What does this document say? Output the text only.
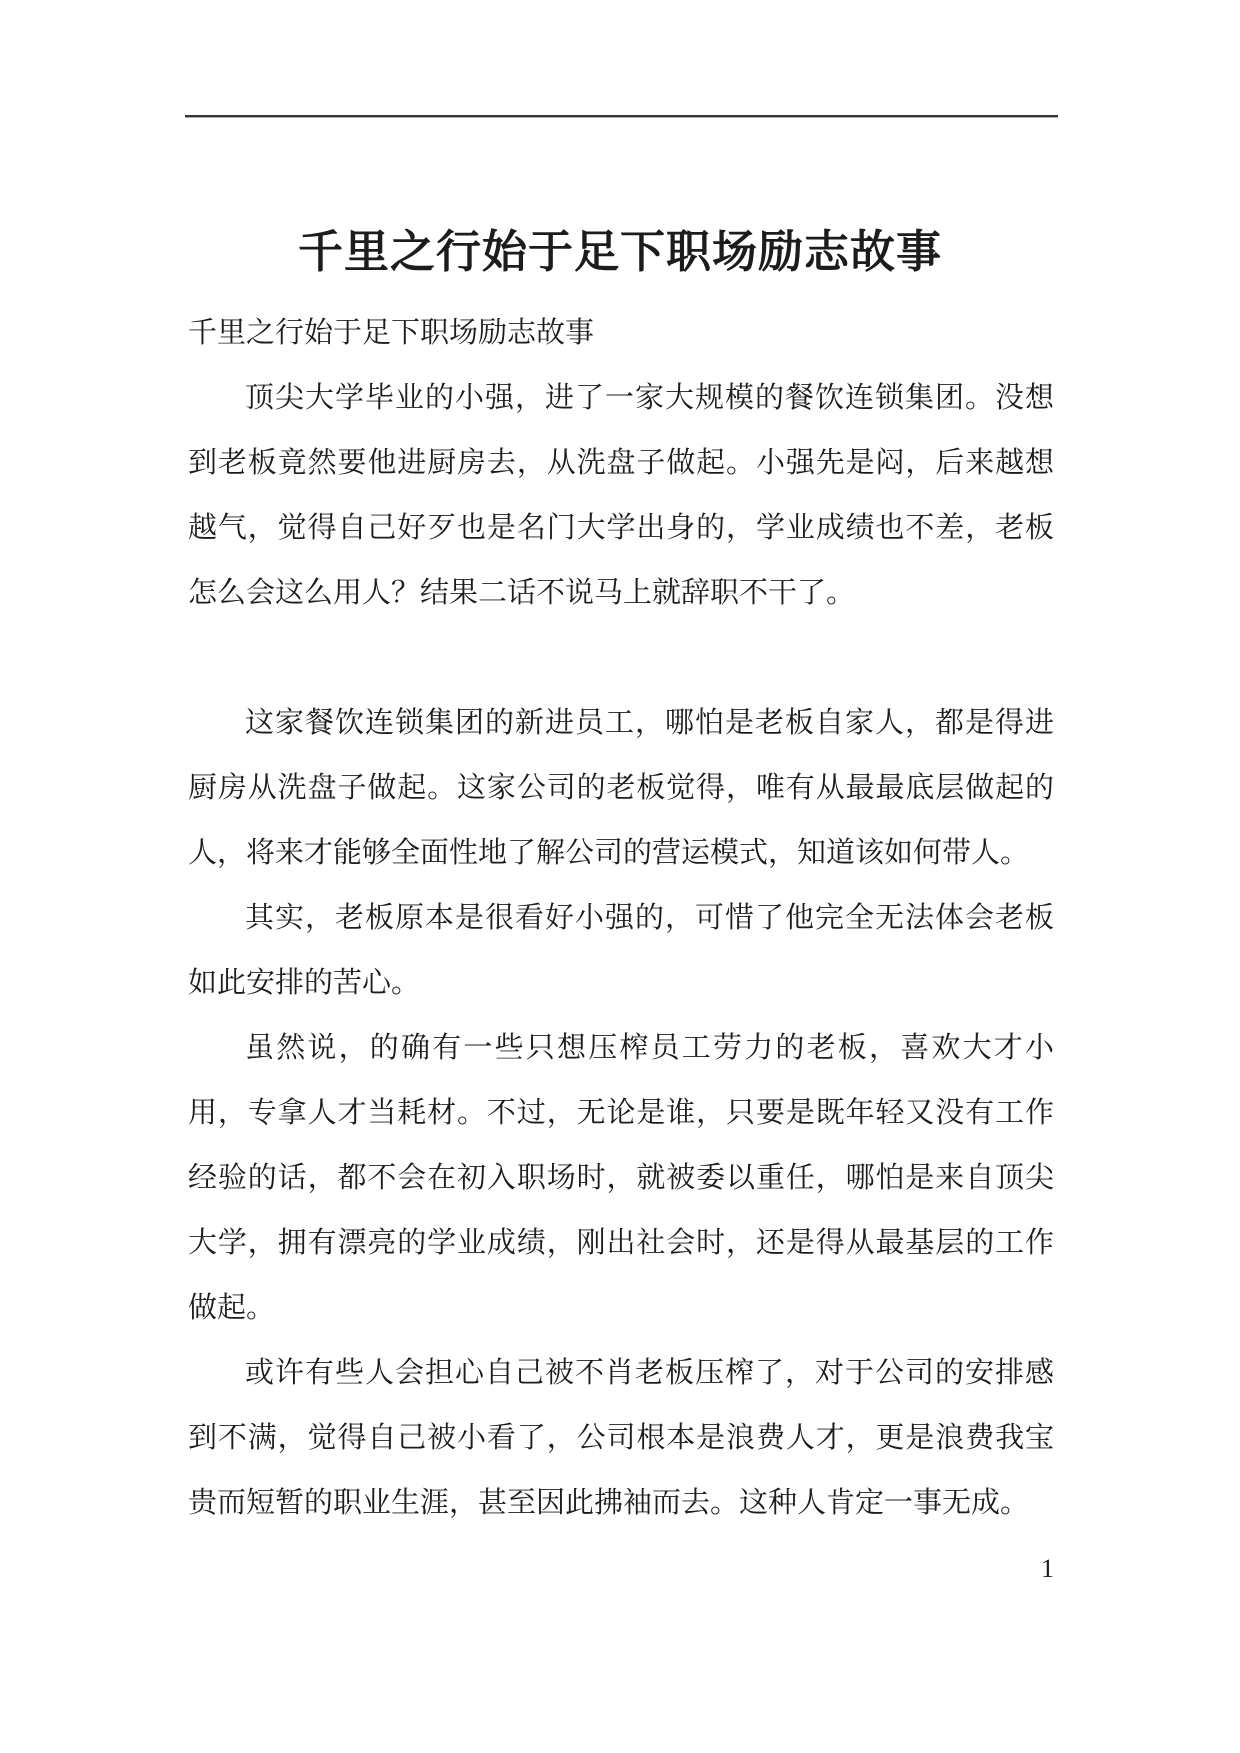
千里之行始于足下职场励志故事
千里之行始于足下职场励志故事
顶尖大学毕业的小强，进了一家大规模的餐饮连锁集团。没想
到老板竟然要他进厨房去，从洗盘子做起。小强先是闷，后来越想
越气，觉得自己好歹也是名门大学出身的，学业成绩也不差，老板
怎么会这么用人？结果二话不说马上就辞职不干了。
这家餐饮连锁集团的新进员工，哪怕是老板自家人，都是得进
厨房从洗盘子做起。这家公司的老板觉得，唯有从最最底层做起的
人，将来才能够全面性地了解公司的营运模式，知道该如何带人。
其实，老板原本是很看好小强的，可惜了他完全无法体会老板
如此安排的苦心。
虽然说，的确有一些只想压榨员工劳力的老板，喜欢大才小
用，专拿人才当耗材。不过，无论是谁，只要是既年轻又没有工作
经验的话，都不会在初入职场时，就被委以重任，哪怕是来自顶尖
大学，拥有漂亮的学业成绩，刚出社会时，还是得从最基层的工作
做起。
或许有些人会担心自己被不肖老板压榨了，对于公司的安排感
到不满，觉得自己被小看了，公司根本是浪费人才，更是浪费我宝
贵而短暂的职业生涯，甚至因此拂袖而去。这种人肯定一事无成。
1
